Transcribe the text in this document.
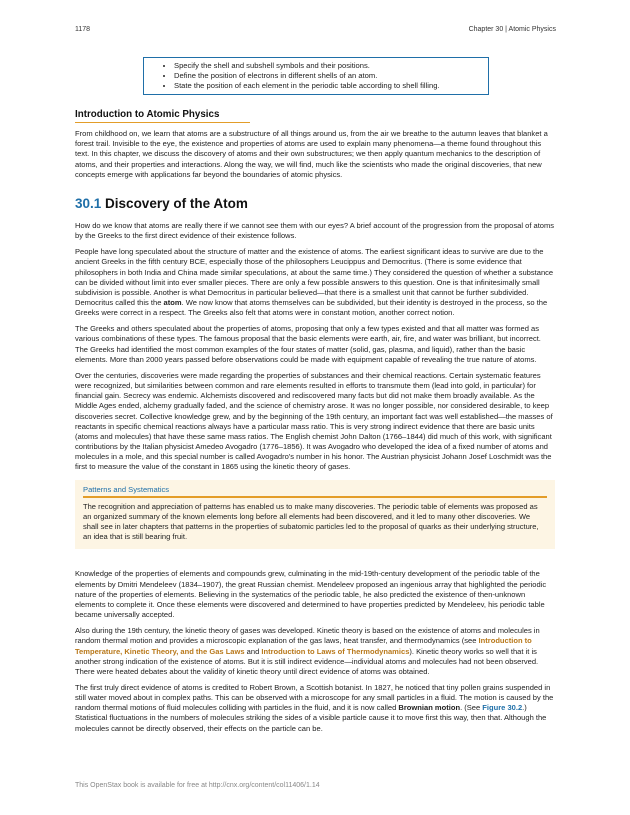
1178	Chapter 30 | Atomic Physics
• Specify the shell and subshell symbols and their positions.
• Define the position of electrons in different shells of an atom.
• State the position of each element in the periodic table according to shell filling.
Introduction to Atomic Physics

From childhood on, we learn that atoms are a substructure of all things around us, from the air we breathe to the autumn leaves that blanket a forest trail. Invisible to the eye, the existence and properties of atoms are used to explain many phenomena—a theme found throughout this text. In this chapter, we discuss the discovery of atoms and their own substructures; we then apply quantum mechanics to the description of atoms, and their properties and interactions. Along the way, we will find, much like the scientists who made the original discoveries, that new concepts emerge with applications far beyond the boundaries of atomic physics.

30.1 Discovery of the Atom

How do we know that atoms are really there if we cannot see them with our eyes? A brief account of the progression from the proposal of atoms by the Greeks to the first direct evidence of their existence follows.

People have long speculated about the structure of matter and the existence of atoms. The earliest significant ideas to survive are due to the ancient Greeks in the fifth century BCE, especially those of the philosophers Leucippus and Democritus. (There is some evidence that philosophers in both India and China made similar speculations, at about the same time.) They considered the question of whether a substance can be divided without limit into ever smaller pieces. There are only a few possible answers to this question. One is that infinitesimally small subdivision is possible. Another is what Democritus in particular believed—that there is a smallest unit that cannot be further subdivided. Democritus called this the atom. We now know that atoms themselves can be subdivided, but their identity is destroyed in the process, so the Greeks were correct in a respect. The Greeks also felt that atoms were in constant motion, another correct notion.

The Greeks and others speculated about the properties of atoms, proposing that only a few types existed and that all matter was formed as various combinations of these types. The famous proposal that the basic elements were earth, air, fire, and water was brilliant, but incorrect. The Greeks had identified the most common examples of the four states of matter (solid, gas, plasma, and liquid), rather than the basic elements. More than 2000 years passed before observations could be made with equipment capable of revealing the true nature of atoms.

Over the centuries, discoveries were made regarding the properties of substances and their chemical reactions. Certain systematic features were recognized, but similarities between common and rare elements resulted in efforts to transmute them (lead into gold, in particular) for financial gain. Secrecy was endemic. Alchemists discovered and rediscovered many facts but did not make them broadly available. As the Middle Ages ended, alchemy gradually faded, and the science of chemistry arose. It was no longer possible, nor considered desirable, to keep discoveries secret. Collective knowledge grew, and by the beginning of the 19th century, an important fact was well established—the masses of reactants in specific chemical reactions always have a particular mass ratio. This is very strong indirect evidence that there are basic units (atoms and molecules) that have these same mass ratios. The English chemist John Dalton (1766–1844) did much of this work, with significant contributions by the Italian physicist Amedeo Avogadro (1776–1856). It was Avogadro who developed the idea of a fixed number of atoms and molecules in a mole, and this special number is called Avogadro's number in his honor. The Austrian physicist Johann Josef Loschmidt was the first to measure the value of the constant in 1865 using the kinetic theory of gases.

Patterns and Systematics

The recognition and appreciation of patterns has enabled us to make many discoveries. The periodic table of elements was proposed as an organized summary of the known elements long before all elements had been discovered, and it led to many other discoveries. We shall see in later chapters that patterns in the properties of subatomic particles led to the proposal of quarks as their underlying structure, an idea that is still bearing fruit.

Knowledge of the properties of elements and compounds grew, culminating in the mid-19th-century development of the periodic table of the elements by Dmitri Mendeleev (1834–1907), the great Russian chemist. Mendeleev proposed an ingenious array that highlighted the periodic nature of the properties of elements. Believing in the systematics of the periodic table, he also predicted the existence of then-unknown elements to complete it. Once these elements were discovered and determined to have properties predicted by Mendeleev, his periodic table became universally accepted.

Also during the 19th century, the kinetic theory of gases was developed. Kinetic theory is based on the existence of atoms and molecules in random thermal motion and provides a microscopic explanation of the gas laws, heat transfer, and thermodynamics (see Introduction to Temperature, Kinetic Theory, and the Gas Laws and Introduction to Laws of Thermodynamics). Kinetic theory works so well that it is another strong indication of the existence of atoms. But it is still indirect evidence—individual atoms and molecules had not been observed. There were heated debates about the validity of kinetic theory until direct evidence of atoms was obtained.

The first truly direct evidence of atoms is credited to Robert Brown, a Scottish botanist. In 1827, he noticed that tiny pollen grains suspended in still water moved about in complex paths. This can be observed with a microscope for any small particles in a fluid. The motion is caused by the random thermal motions of fluid molecules colliding with particles in the fluid, and it is now called Brownian motion. (See Figure 30.2.) Statistical fluctuations in the numbers of molecules striking the sides of a visible particle cause it to move first this way, then that. Although the molecules cannot be directly observed, their effects on the particle can be.

This OpenStax book is available for free at http://cnx.org/content/col11406/1.14
